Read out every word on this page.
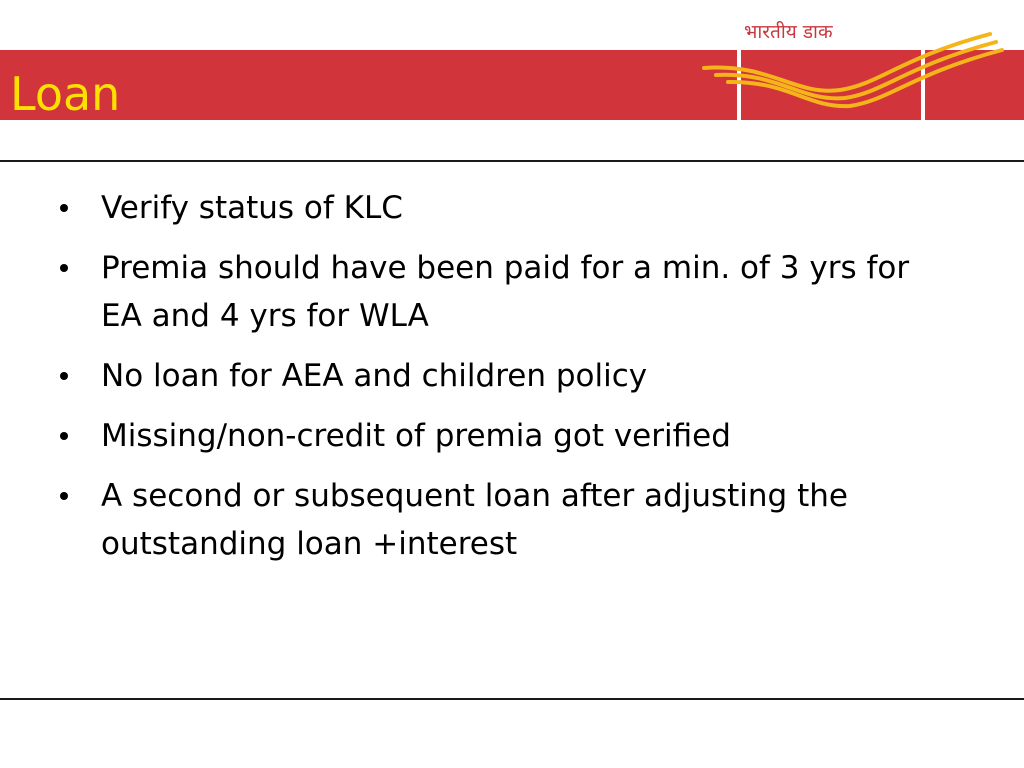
Loan
भारतीय डाक
Verify status of KLC
Premia should have been paid for a min. of 3 yrs for EA and 4 yrs for WLA
No loan for AEA and children policy
Missing/non-credit of premia got verified
A second or subsequent loan after adjusting the outstanding loan +interest
